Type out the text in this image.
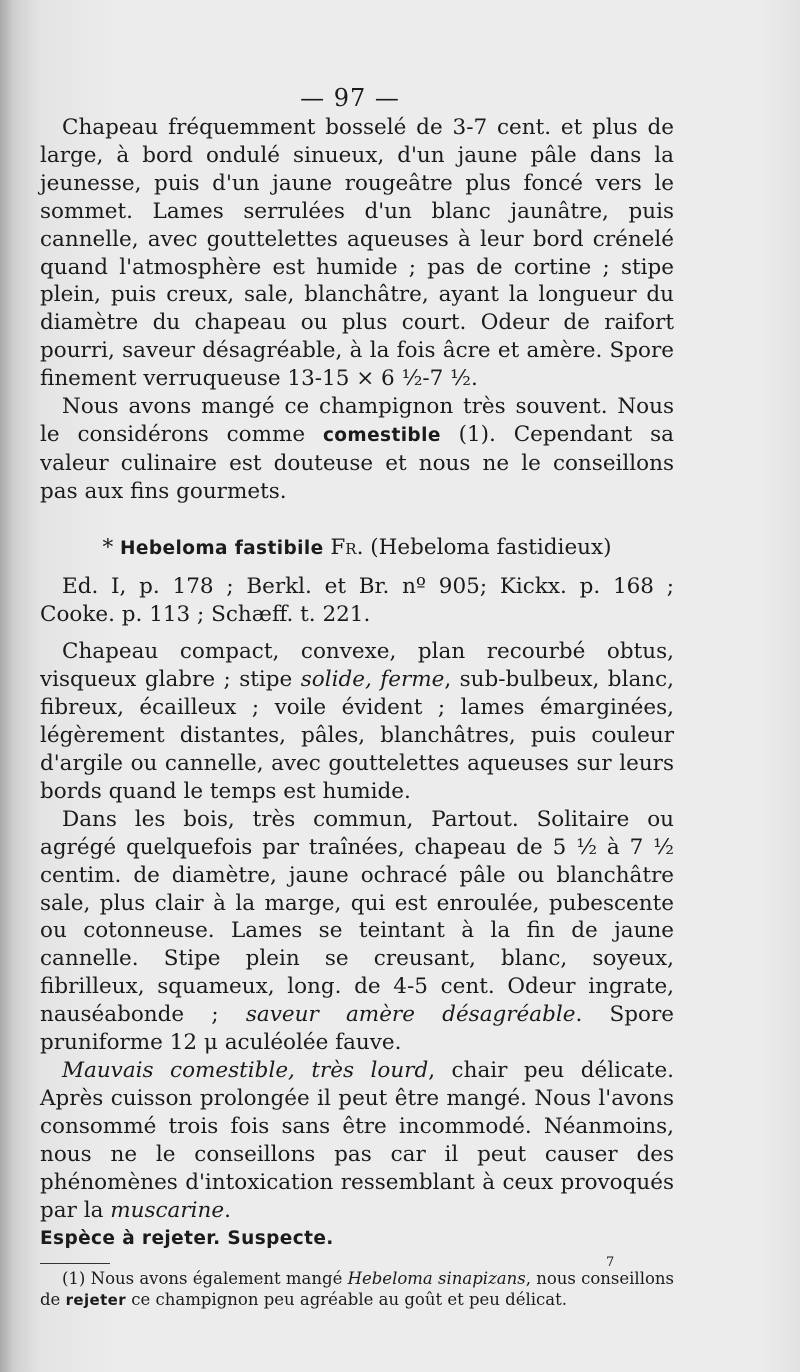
— 97 —

Chapeau fréquemment bosselé de 3-7 cent. et plus de large, à bord ondulé sinueux, d'un jaune pâle dans la jeunesse, puis d'un jaune rougeâtre plus foncé vers le sommet. Lames serrulées d'un blanc jaunâtre, puis cannelle, avec gouttelettes aqueuses à leur bord crénelé quand l'atmosphère est humide ; pas de cortine ; stipe plein, puis creux, sale, blanchâtre, ayant la longueur du diamètre du chapeau ou plus court. Odeur de raifort pourri, saveur désagréable, à la fois âcre et amère. Spore finement verruqueuse 13-15 × 6 ½-7 ½.

Nous avons mangé ce champignon très souvent. Nous le considérons comme comestible (1). Cependant sa valeur culinaire est douteuse et nous ne le conseillons pas aux fins gourmets.

* Hebeloma fastibile Fr. (Hebeloma fastidieux)

Ed. I, p. 178 ; Berkl. et Br. nº 905; Kickx. p. 168 ; Cooke. p. 113 ; Schæff. t. 221.

Chapeau compact, convexe, plan recourbé obtus, visqueux glabre ; stipe solide, ferme, sub-bulbeux, blanc, fibreux, écailleux ; voile évident ; lames émarginées, légèrement distantes, pâles, blanchâtres, puis couleur d'argile ou cannelle, avec gouttelettes aqueuses sur leurs bords quand le temps est humide.

Dans les bois, très commun, Partout. Solitaire ou agrégé quelquefois par traînées, chapeau de 5 ½ à 7 ½ centim. de diamètre, jaune ochracé pâle ou blanchâtre sale, plus clair à la marge, qui est enroulée, pubescente ou cotonneuse. Lames se teintant à la fin de jaune cannelle. Stipe plein se creusant, blanc, soyeux, fibrilleux, squameux, long. de 4-5 cent. Odeur ingrate, nauséabonde ; saveur amère désagréable. Spore pruniforme 12 μ aculéolée fauve.

Mauvais comestible, très lourd, chair peu délicate. Après cuisson prolongée il peut être mangé. Nous l'avons consommé trois fois sans être incommodé. Néanmoins, nous ne le conseillons pas car il peut causer des phénomènes d'intoxication ressemblant à ceux provoqués par la muscarine.

Espèce à rejeter. Suspecte.

(1) Nous avons également mangé Hebeloma sinapizans, nous conseillons de rejeter ce champignon peu agréable au goût et peu délicat.

7
